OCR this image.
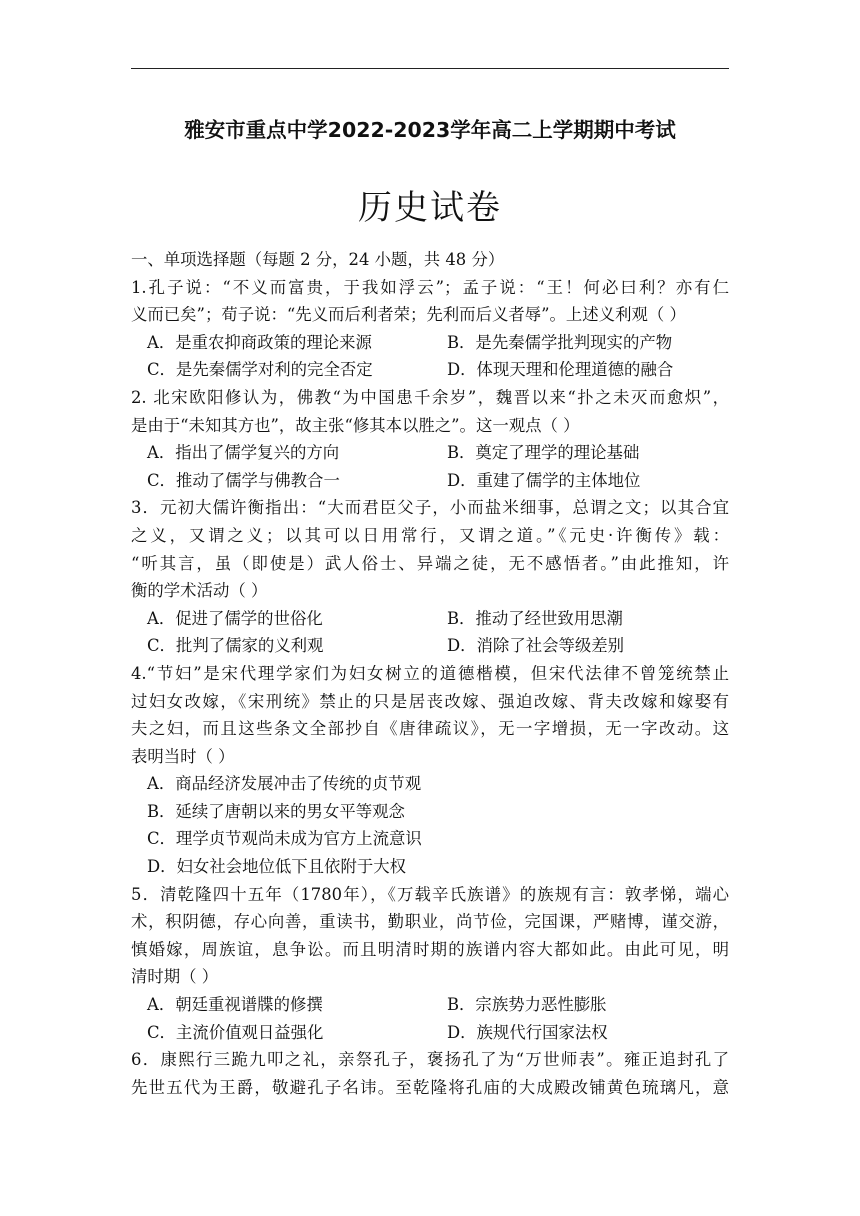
雅安市重点中学2022-2023学年高二上学期期中考试
历史试卷
一、单项选择题（每题 2 分，24 小题，共 48 分）
1.孔子说：“不义而富贵，于我如浮云”；孟子说：“王！何必曰利？亦有仁
义而已矣”；荀子说：“先义而后利者荣；先利而后义者辱”。上述义利观（ ）
A．是重农抑商政策的理论来源	B．是先秦儒学批判现实的产物
C．是先秦儒学对利的完全否定	D．体现天理和伦理道德的融合
2. 北宋欧阳修认为，佛教“为中国患千余岁”，魏晋以来“扑之未灭而愈炽”，
是由于“未知其方也”，故主张“修其本以胜之”。这一观点（ ）
A．指出了儒学复兴的方向	B．奠定了理学的理论基础
C．推动了儒学与佛教合一	D．重建了儒学的主体地位
3．元初大儒许衡指出：“大而君臣父子，小而盐米细事，总谓之文；以其合宜
之义，又谓之义；以其可以日用常行，又谓之道。”《元史·许衡传》载：
“听其言，虽（即使是）武人俗士、异端之徒，无不感悟者。”由此推知，许
衡的学术活动（ ）
A．促进了儒学的世俗化	B．推动了经世致用思潮
C．批判了儒家的义利观	D．消除了社会等级差别
4.“节妇”是宋代理学家们为妇女树立的道德楷模，但宋代法律不曾笼统禁止
过妇女改嫁，《宋刑统》禁止的只是居丧改嫁、强迫改嫁、背夫改嫁和嫁娶有
夫之妇，而且这些条文全部抄自《唐律疏议》，无一字增损，无一字改动。这
表明当时（ ）
A．商品经济发展冲击了传统的贞节观
B．延续了唐朝以来的男女平等观念
C．理学贞节观尚未成为官方上流意识
D．妇女社会地位低下且依附于大权
5．清乾隆四十五年（1780年），《万载辛氏族谱》的族规有言：敦孝悌，端心
术，积阴德，存心向善，重读书，勤职业，尚节俭，完国课，严赌博，谨交游，
慎婚嫁，周族谊，息争讼。而且明清时期的族谱内容大都如此。由此可见，明
清时期（ ）
A．朝廷重视谱牒的修撰	B．宗族势力恶性膨胀
C．主流价值观日益强化	D．族规代行国家法权
6．康熙行三跪九叩之礼，亲祭孔子，褒扬孔了为“万世师表”。雍正追封孔了
先世五代为王爵，敬避孔子名讳。至乾隆将孔庙的大成殿改铺黄色琉璃凡，意
